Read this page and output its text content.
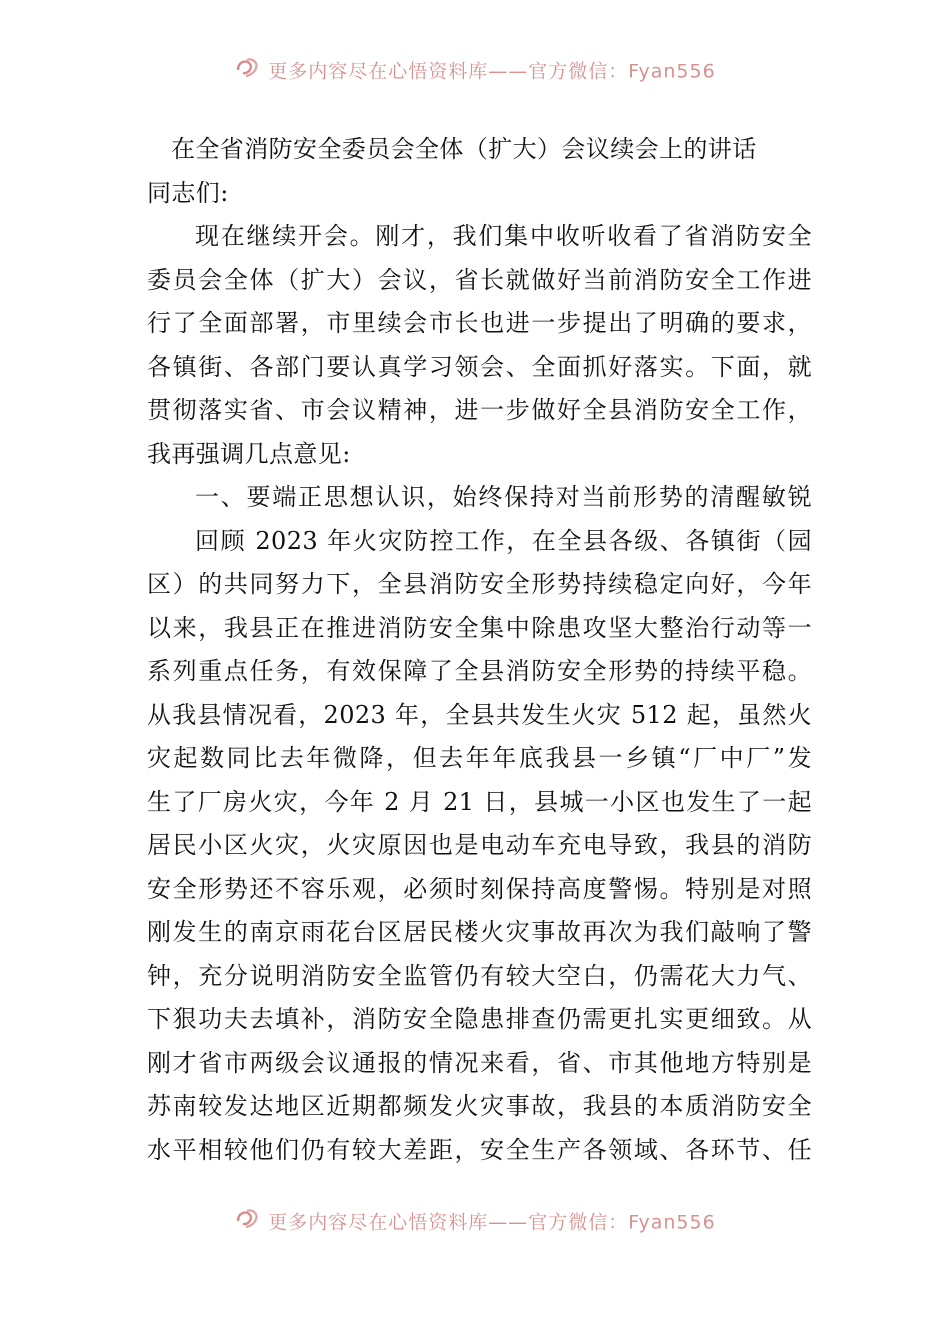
更多内容尽在心悟资料库——官方微信：Fyan556
在全省消防安全委员会全体（扩大）会议续会上的讲话
同志们:
现在继续开会。刚才，我们集中收听收看了省消防安全
委员会全体（扩大）会议，省长就做好当前消防安全工作进
行了全面部署，市里续会市长也进一步提出了明确的要求，
各镇街、各部门要认真学习领会、全面抓好落实。下面，就
贯彻落实省、市会议精神，进一步做好全县消防安全工作，
我再强调几点意见:
一、要端正思想认识，始终保持对当前形势的清醒敏锐
回顾 2023 年火灾防控工作，在全县各级、各镇街（园
区）的共同努力下，全县消防安全形势持续稳定向好，今年
以来，我县正在推进消防安全集中除患攻坚大整治行动等一
系列重点任务，有效保障了全县消防安全形势的持续平稳。
从我县情况看，2023 年，全县共发生火灾 512 起，虽然火
灾起数同比去年微降，但去年年底我县一乡镇“厂中厂”发
生了厂房火灾，今年 2 月 21 日，县城一小区也发生了一起
居民小区火灾，火灾原因也是电动车充电导致，我县的消防
安全形势还不容乐观，必须时刻保持高度警惕。特别是对照
刚发生的南京雨花台区居民楼火灾事故再次为我们敲响了警
钟，充分说明消防安全监管仍有较大空白，仍需花大力气、
下狠功夫去填补，消防安全隐患排查仍需更扎实更细致。从
刚才省市两级会议通报的情况来看，省、市其他地方特别是
苏南较发达地区近期都频发火灾事故，我县的本质消防安全
水平相较他们仍有较大差距，安全生产各领域、各环节、任
更多内容尽在心悟资料库——官方微信：Fyan556
